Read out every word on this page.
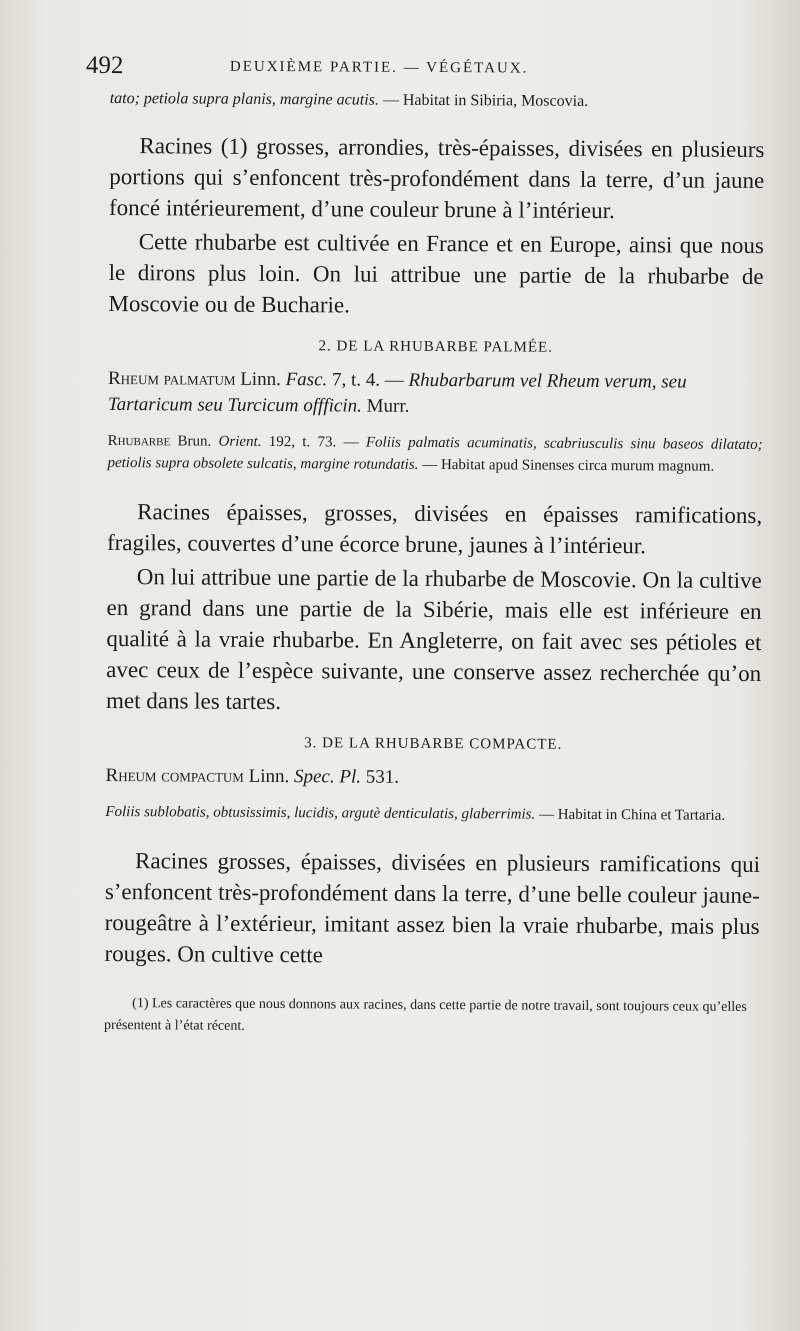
492	DEUXIÈME PARTIE. — VÉGÉTAUX.

tato; petiola supra planis, margine acutis. — Habitat in Sibiria, Moscovia.

Racines (1) grosses, arrondies, très-épaisses, divisées en plusieurs portions qui s’enfoncent très-profondément dans la terre, d’un jaune foncé intérieurement, d’une couleur brune à l’intérieur.

Cette rhubarbe est cultivée en France et en Europe, ainsi que nous le dirons plus loin. On lui attribue une partie de la rhubarbe de Moscovie ou de Bucharie.

2. DE LA RHUBARBE PALMÉE.

Rheum palmatum Linn. Fasc. 7, t. 4. — Rhubarbarum vel Rheum verum, seu Tartaricum seu Turcicum offficin. Murr.

Rhubarbe Brun. Orient. 192, t. 73. — Foliis palmatis acuminatis, scabriusculis sinu baseos dilatato; petiolis supra obsolete sulcatis, margine rotundatis. — Habitat apud Sinenses circa murum magnum.

Racines épaisses, grosses, divisées en épaisses ramifications, fragiles, couvertes d’une écorce brune, jaunes à l’intérieur.

On lui attribue une partie de la rhubarbe de Moscovie. On la cultive en grand dans une partie de la Sibérie, mais elle est inférieure en qualité à la vraie rhubarbe. En Angleterre, on fait avec ses pétioles et avec ceux de l’espèce suivante, une conserve assez recherchée qu’on met dans les tartes.

3. DE LA RHUBARBE COMPACTE.

Rheum compactum Linn. Spec. Pl. 531.

Foliis sublobatis, obtusissimis, lucidis, argutè denticulatis, glaberrimis. — Habitat in China et Tartaria.

Racines grosses, épaisses, divisées en plusieurs ramifications qui s’enfoncent très-profondément dans la terre, d’une belle couleur jaune-rougeâtre à l’extérieur, imitant assez bien la vraie rhubarbe, mais plus rouges. On cultive cette

(1) Les caractères que nous donnons aux racines, dans cette partie de notre travail, sont toujours ceux qu’elles présentent à l’état récent.
